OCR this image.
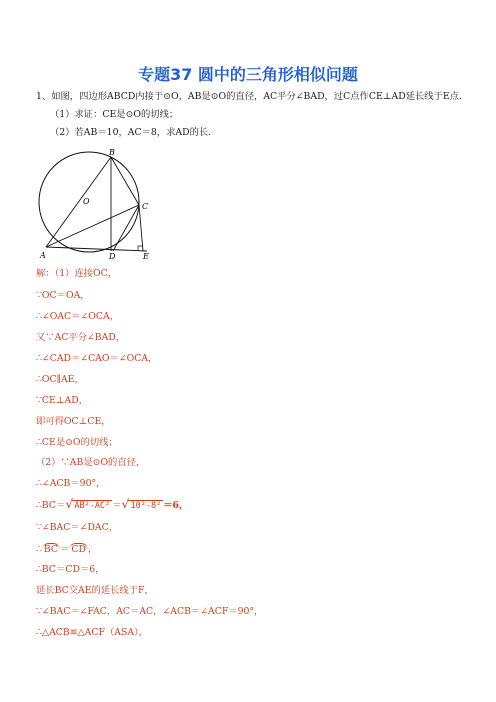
专题37 圆中的三角形相似问题
1、如图，四边形ABCD内接于⊙O，AB是⊙O的直径，AC平分∠BAD，过C点作CE⊥AD延长线于E点.
（1）求证：CE是⊙O的切线；
（2）若AB＝10，AC＝8，求AD的长.
B
O
C
A	D	E
解：（1）连接OC，
∵OC＝OA，
∴∠OAC＝∠OCA，
又∵AC平分∠BAD，
∴∠CAD＝∠CAO＝∠OCA，
∴OC∥AE，
∵CE⊥AD，
即可得OC⊥CE，
∴CE是⊙O的切线；
（2）∵AB是⊙O的直径，
∴∠ACB＝90°，
∴BC＝ √ AB²-AC² ＝ √ 10²-8² ＝6，
∵∠BAC＝∠DAC，
∴ BC ＝ CD ，
∴BC＝CD＝6，
延长BC交AE的延长线于F，
∵∠BAC＝∠FAC，AC＝AC，∠ACB＝∠ACF＝90°，
∴△ACB≌△ACF（ASA），
